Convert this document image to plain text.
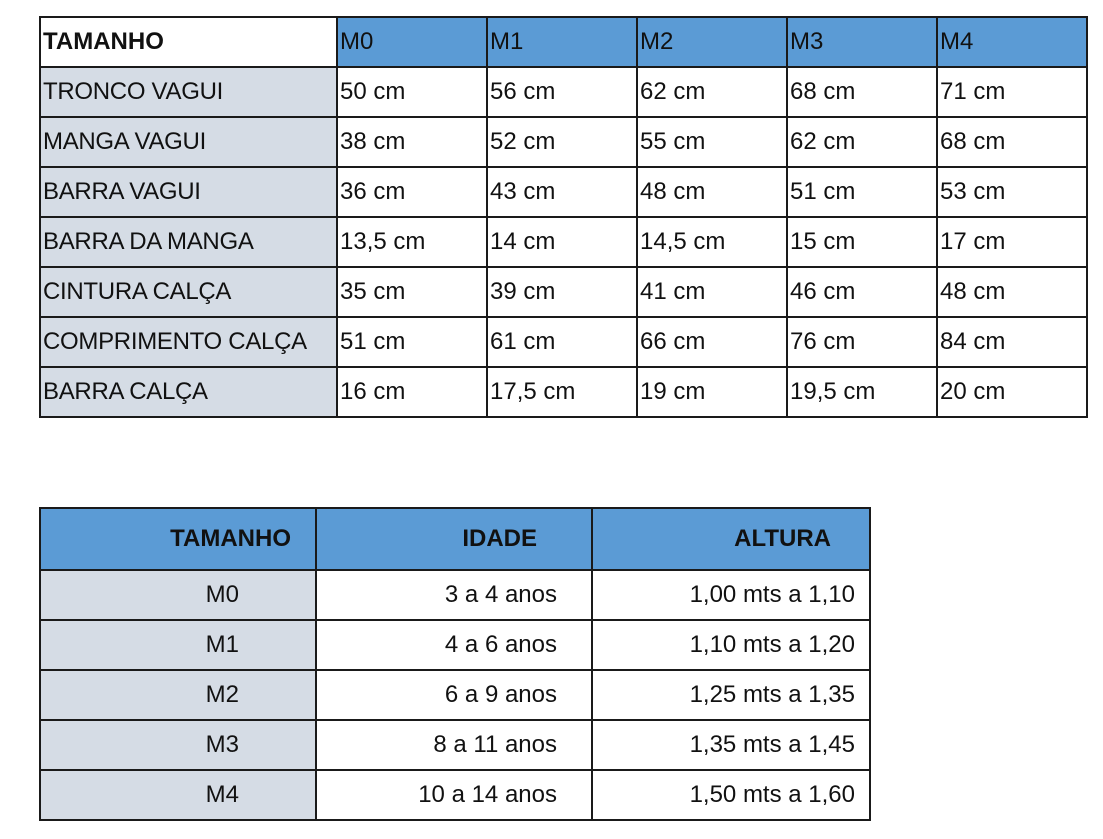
TAMANHO	M0	M1	M2	M3	M4
TRONCO VAGUI	50 cm	56 cm	62 cm	68 cm	71 cm
MANGA VAGUI	38 cm	52 cm	55 cm	62 cm	68 cm
BARRA VAGUI	36 cm	43 cm	48 cm	51 cm	53 cm
BARRA DA MANGA	13,5 cm	14 cm	14,5 cm	15 cm	17 cm
CINTURA CALÇA	35 cm	39 cm	41 cm	46 cm	48 cm
COMPRIMENTO CALÇA	51 cm	61 cm	66 cm	76 cm	84 cm
BARRA CALÇA	16 cm	17,5 cm	19 cm	19,5 cm	20 cm
TAMANHO	IDADE	ALTURA
M0	3 a 4 anos	1,00 mts a 1,10
M1	4 a 6 anos	1,10 mts a 1,20
M2	6 a 9 anos	1,25 mts a 1,35
M3	8 a 11 anos	1,35 mts a 1,45
M4	10 a 14 anos	1,50 mts a 1,60
